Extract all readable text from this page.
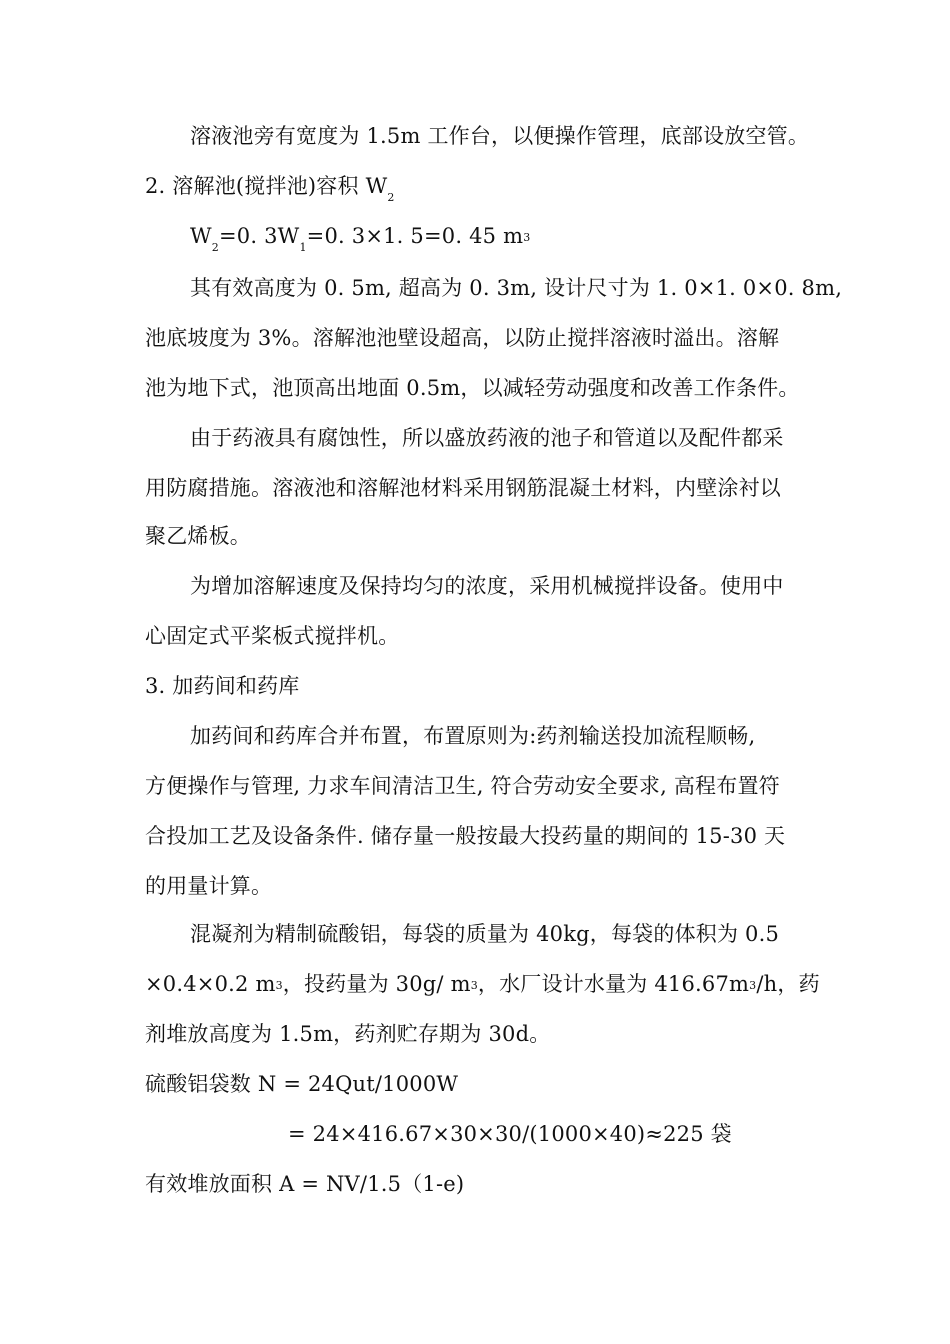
溶液池旁有宽度为 1.5m 工作台，以便操作管理，底部设放空管。
2. 溶解池(搅拌池)容积 $W_2$
$W_2=0$. $3W_1=0$. 3×1. 5=0. 45 m3
其有效高度为 0. 5m, 超高为 0. 3m, 设计尺寸为 1. 0×1. 0×0. 8m,
池底坡度为 3%。溶解池池壁设超高，以防止搅拌溶液时溢出。溶解
池为地下式，池顶高出地面 0.5m，以减轻劳动强度和改善工作条件。
由于药液具有腐蚀性，所以盛放药液的池子和管道以及配件都采
用防腐措施。溶液池和溶解池材料采用钢筋混凝土材料，内壁涂衬以
聚乙烯板。
为增加溶解速度及保持均匀的浓度，采用机械搅拌设备。使用中
心固定式平桨板式搅拌机。
3. 加药间和药库
加药间和药库合并布置，布置原则为:药剂输送投加流程顺畅,
方便操作与管理, 力求车间清洁卫生, 符合劳动安全要求, 高程布置符
合投加工艺及设备条件. 储存量一般按最大投药量的期间的 15-30 天
的用量计算。
混凝剂为精制硫酸铝，每袋的质量为 40kg，每袋的体积为 0.5
×0.4×0.2 m3，投药量为 30g/ m3，水厂设计水量为 416.67m3/h，药
剂堆放高度为 1.5m，药剂贮存期为 30d。
硫酸铝袋数 N = 24Qut/1000W
= 24×416.67×30×30/(1000×40)≈225 袋
有效堆放面积 A = NV/1.5（1-e)
